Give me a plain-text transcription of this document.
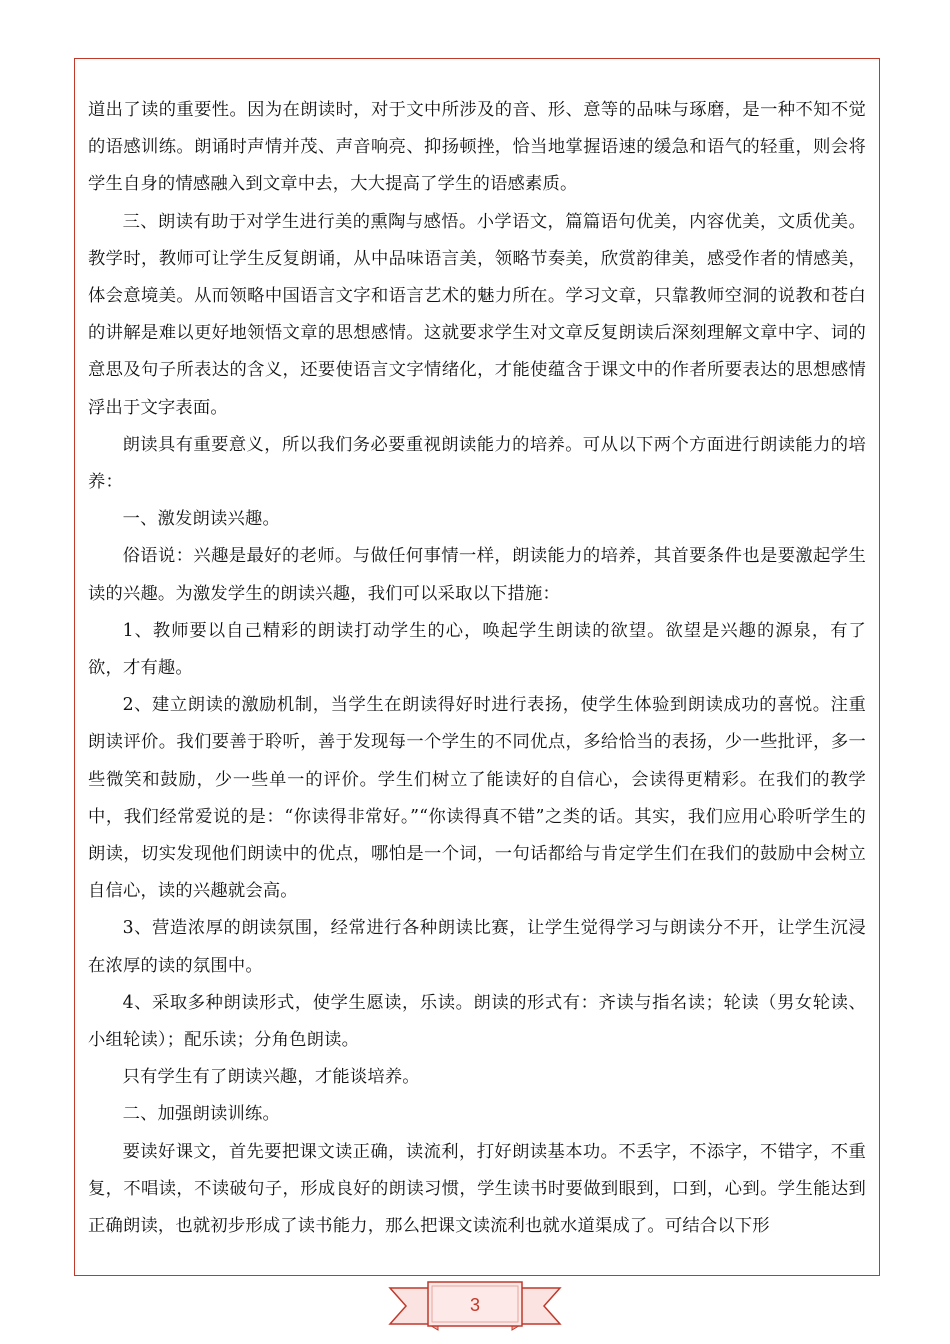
道出了读的重要性。因为在朗读时，对于文中所涉及的音、形、意等的品味与琢磨，是一种不知不觉的语感训练。朗诵时声情并茂、声音响亮、抑扬顿挫，恰当地掌握语速的缓急和语气的轻重，则会将学生自身的情感融入到文章中去，大大提高了学生的语感素质。

三、朗读有助于对学生进行美的熏陶与感悟。小学语文，篇篇语句优美，内容优美，文质优美。教学时，教师可让学生反复朗诵，从中品味语言美，领略节奏美，欣赏韵律美，感受作者的情感美，体会意境美。从而领略中国语言文字和语言艺术的魅力所在。学习文章，只靠教师空洞的说教和苍白的讲解是难以更好地领悟文章的思想感情。这就要求学生对文章反复朗读后深刻理解文章中字、词的意思及句子所表达的含义，还要使语言文字情绪化，才能使蕴含于课文中的作者所要表达的思想感情浮出于文字表面。

朗读具有重要意义，所以我们务必要重视朗读能力的培养。可从以下两个方面进行朗读能力的培养：

一、激发朗读兴趣。

俗语说：兴趣是最好的老师。与做任何事情一样，朗读能力的培养，其首要条件也是要激起学生读的兴趣。为激发学生的朗读兴趣，我们可以采取以下措施：

1、教师要以自己精彩的朗读打动学生的心，唤起学生朗读的欲望。欲望是兴趣的源泉，有了欲，才有趣。

2、建立朗读的激励机制，当学生在朗读得好时进行表扬，使学生体验到朗读成功的喜悦。注重朗读评价。我们要善于聆听，善于发现每一个学生的不同优点，多给恰当的表扬，少一些批评，多一些微笑和鼓励，少一些单一的评价。学生们树立了能读好的自信心，会读得更精彩。在我们的教学中，我们经常爱说的是：“你读得非常好。”“你读得真不错”之类的话。其实，我们应用心聆听学生的朗读，切实发现他们朗读中的优点，哪怕是一个词，一句话都给与肯定学生们在我们的鼓励中会树立自信心，读的兴趣就会高。

3、营造浓厚的朗读氛围，经常进行各种朗读比赛，让学生觉得学习与朗读分不开，让学生沉浸在浓厚的读的氛围中。

4、采取多种朗读形式，使学生愿读，乐读。朗读的形式有：齐读与指名读；轮读（男女轮读、小组轮读）；配乐读；分角色朗读。

只有学生有了朗读兴趣，才能谈培养。

二、加强朗读训练。

要读好课文，首先要把课文读正确，读流利，打好朗读基本功。不丢字，不添字，不错字，不重复，不唱读，不读破句子，形成良好的朗读习惯，学生读书时要做到眼到，口到，心到。学生能达到正确朗读，也就初步形成了读书能力，那么把课文读流利也就水道渠成了。可结合以下形

3
